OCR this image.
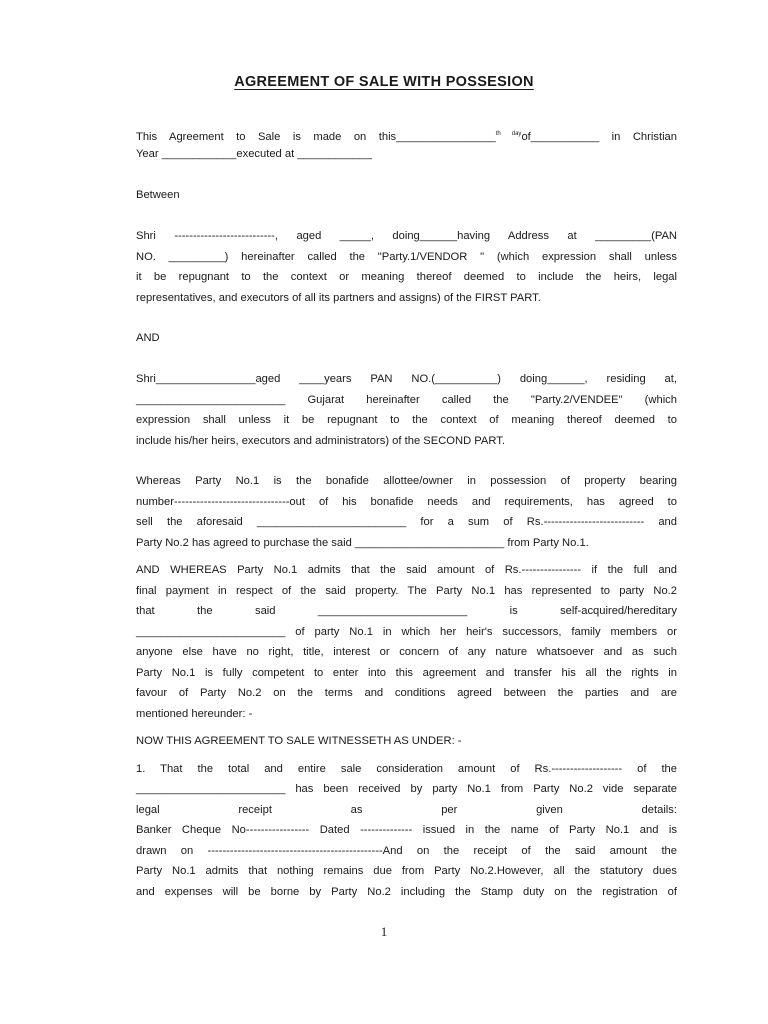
AGREEMENT OF SALE WITH POSSESION
This Agreement to Sale is made on this________________$^{th day}$of___________ in Christian
Year ____________executed at ____________
Between
Shri ---------------------------, aged _____, doing______having Address at _________(PAN
NO. _________) hereinafter called the "Party.1/VENDOR " (which expression shall unless
it be repugnant to the context or meaning thereof deemed to include the heirs, legal
representatives, and executors of all its partners and assigns) of the FIRST PART.
AND
Shri________________aged ____years PAN NO.(__________) doing______, residing at,
________________________ Gujarat hereinafter called the "Party.2/VENDEE" (which
expression shall unless it be repugnant to the context of meaning thereof deemed to
include his/her heirs, executors and administrators) of the SECOND PART.
Whereas Party No.1 is the bonafide allottee/owner in possession of property bearing
number-------------------------------out of his bonafide needs and requirements, has agreed to
sell the aforesaid ________________________ for a sum of Rs.--------------------------- and
Party No.2 has agreed to purchase the said ________________________ from Party No.1.
AND WHEREAS Party No.1 admits that the said amount of Rs.---------------- if the full and
final payment in respect of the said property. The Party No.1 has represented to party No.2
that the said ________________________ is self-acquired/hereditary
________________________ of party No.1 in which her heir's successors, family members or
anyone else have no right, title, interest or concern of any nature whatsoever and as such
Party No.1 is fully competent to enter into this agreement and transfer his all the rights in
favour of Party No.2 on the terms and conditions agreed between the parties and are
mentioned hereunder: -
NOW THIS AGREEMENT TO SALE WITNESSETH AS UNDER: -
1. That the total and entire sale consideration amount of Rs.------------------- of the
________________________ has been received by party No.1 from Party No.2 vide separate
legal receipt as per given details:
Banker Cheque No----------------- Dated -------------- issued in the name of Party No.1 and is
drawn on -----------------------------------------------And on the receipt of the said amount the
Party No.1 admits that nothing remains due from Party No.2.However, all the statutory dues
and expenses will be borne by Party No.2 including the Stamp duty on the registration of
1
